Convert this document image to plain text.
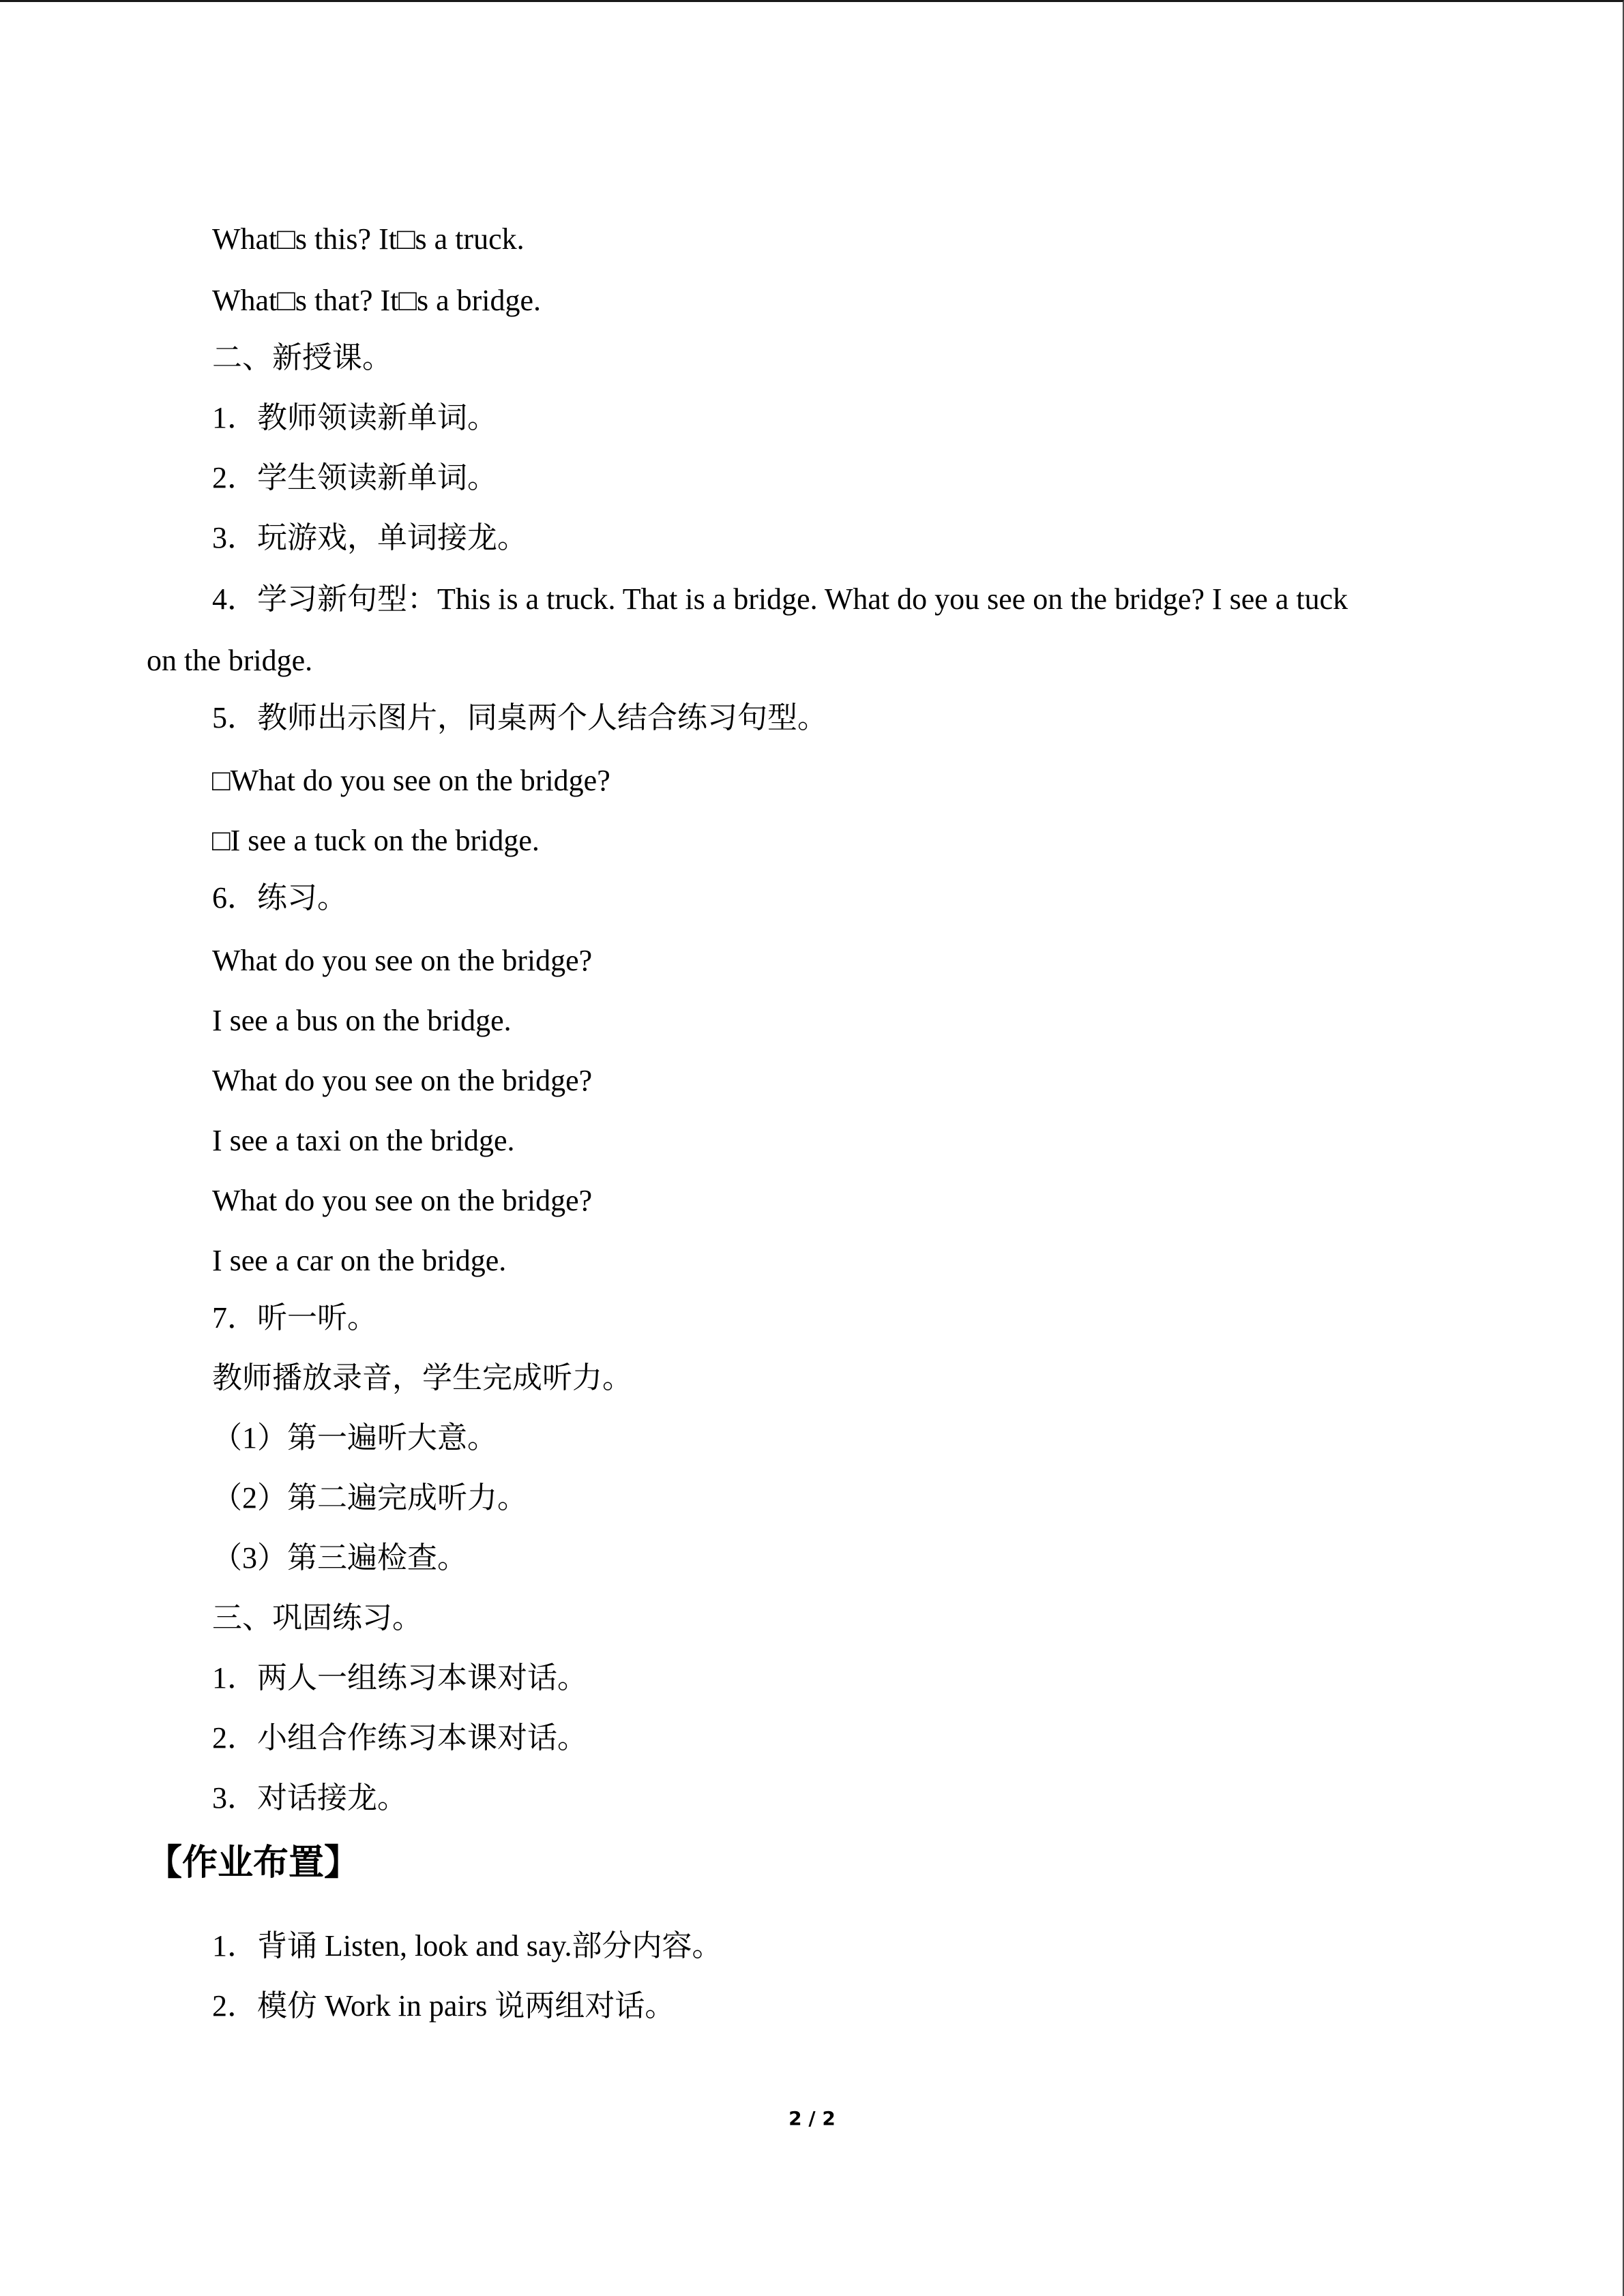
What□s this? It□s a truck.
What□s that? It□s a bridge.
二、新授课。
1．教师领读新单词。
2．学生领读新单词。
3．玩游戏，单词接龙。
4．学习新句型：This is a truck. That is a bridge. What do you see on the bridge? I see a tuck
on the bridge.
5．教师出示图片，同桌两个人结合练习句型。
□What do you see on the bridge?
□I see a tuck on the bridge.
6．练习。
What do you see on the bridge?
I see a bus on the bridge.
What do you see on the bridge?
I see a taxi on the bridge.
What do you see on the bridge?
I see a car on the bridge.
7．听一听。
教师播放录音，学生完成听力。
（1）第一遍听大意。
（2）第二遍完成听力。
（3）第三遍检查。
三、巩固练习。
1．两人一组练习本课对话。
2．小组合作练习本课对话。
3．对话接龙。
【作业布置】
1．背诵 Listen, look and say.部分内容。
2．模仿 Work in pairs 说两组对话。
2 / 2
